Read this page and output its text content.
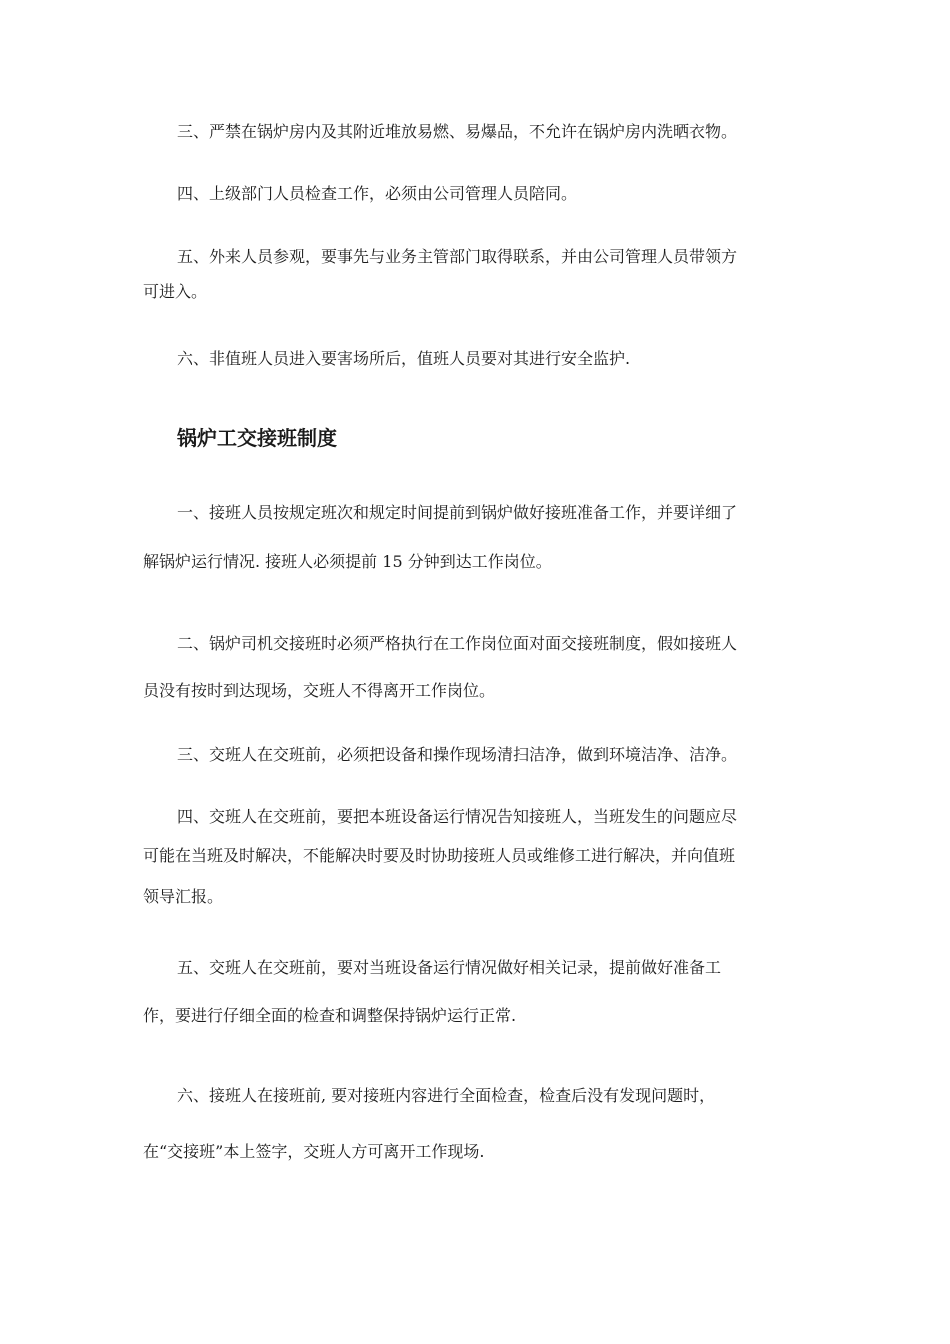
三、严禁在锅炉房内及其附近堆放易燃、易爆品，不允许在锅炉房内洗晒衣物。

四、上级部门人员检查工作，必须由公司管理人员陪同。

五、外来人员参观，要事先与业务主管部门取得联系，并由公司管理人员带领方
可进入。

六、非值班人员进入要害场所后，值班人员要对其进行安全监护.

锅炉工交接班制度

一、接班人员按规定班次和规定时间提前到锅炉做好接班准备工作，并要详细了
解锅炉运行情况. 接班人必须提前 15 分钟到达工作岗位。

二、锅炉司机交接班时必须严格执行在工作岗位面对面交接班制度，假如接班人
员没有按时到达现场，交班人不得离开工作岗位。

三、交班人在交班前，必须把设备和操作现场清扫洁净，做到环境洁净、洁净。

四、交班人在交班前，要把本班设备运行情况告知接班人，当班发生的问题应尽
可能在当班及时解决，不能解决时要及时协助接班人员或维修工进行解决，并向值班
领导汇报。

五、交班人在交班前，要对当班设备运行情况做好相关记录，提前做好准备工
作，要进行仔细全面的检查和调整保持锅炉运行正常.

六、接班人在接班前, 要对接班内容进行全面检查，检查后没有发现问题时，
在“交接班”本上签字，交班人方可离开工作现场.
